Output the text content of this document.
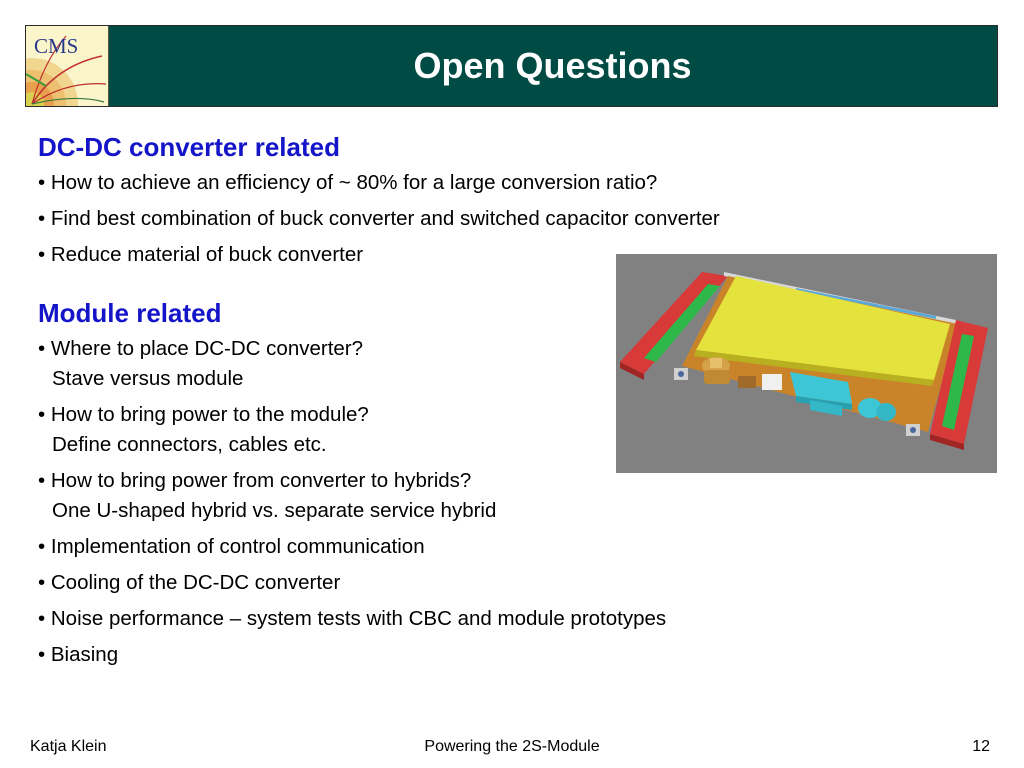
CMS	Open Questions
DC-DC converter related
• How to achieve an efficiency of ~ 80% for a large conversion ratio?
• Find best combination of buck converter and switched capacitor converter
• Reduce material of buck converter
Module related
• Where to place DC-DC converter?
Stave versus module
• How to bring power to the module?
Define connectors, cables etc.
• How to bring power from converter to hybrids?
One U-shaped hybrid vs. separate service hybrid
• Implementation of control communication
• Cooling of the DC-DC converter
• Noise performance – system tests with CBC and module prototypes
• Biasing
Katja Klein	Powering the 2S-Module	12
